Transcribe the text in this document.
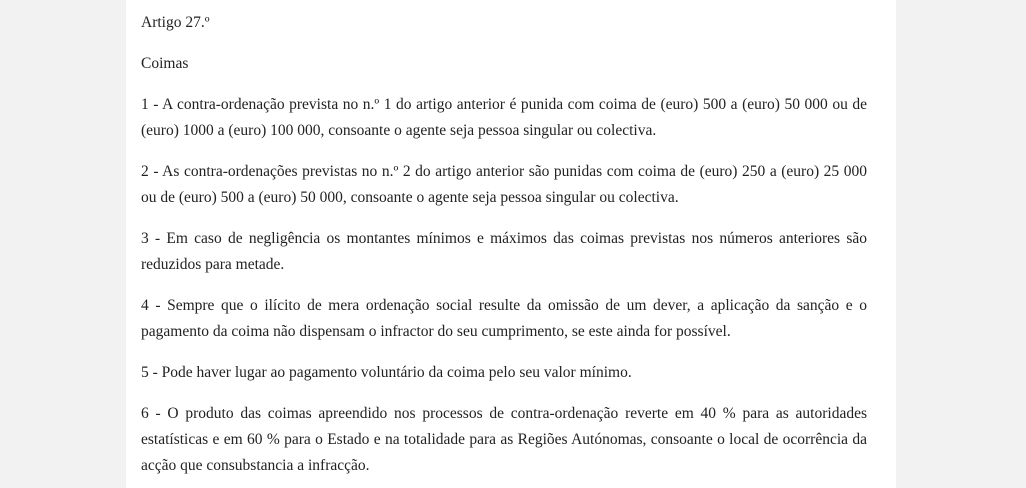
Artigo 27.º

Coimas

1 - A contra-ordenação prevista no n.º 1 do artigo anterior é punida com coima de (euro) 500 a (euro) 50 000 ou de (euro) 1000 a (euro) 100 000, consoante o agente seja pessoa singular ou colectiva.

2 - As contra-ordenações previstas no n.º 2 do artigo anterior são punidas com coima de (euro) 250 a (euro) 25 000 ou de (euro) 500 a (euro) 50 000, consoante o agente seja pessoa singular ou colectiva.

3 - Em caso de negligência os montantes mínimos e máximos das coimas previstas nos números anteriores são reduzidos para metade.

4 - Sempre que o ilícito de mera ordenação social resulte da omissão de um dever, a aplicação da sanção e o pagamento da coima não dispensam o infractor do seu cumprimento, se este ainda for possível.

5 - Pode haver lugar ao pagamento voluntário da coima pelo seu valor mínimo.

6 - O produto das coimas apreendido nos processos de contra-ordenação reverte em 40 % para as autoridades estatísticas e em 60 % para o Estado e na totalidade para as Regiões Autónomas, consoante o local de ocorrência da acção que consubstancia a infracção.
